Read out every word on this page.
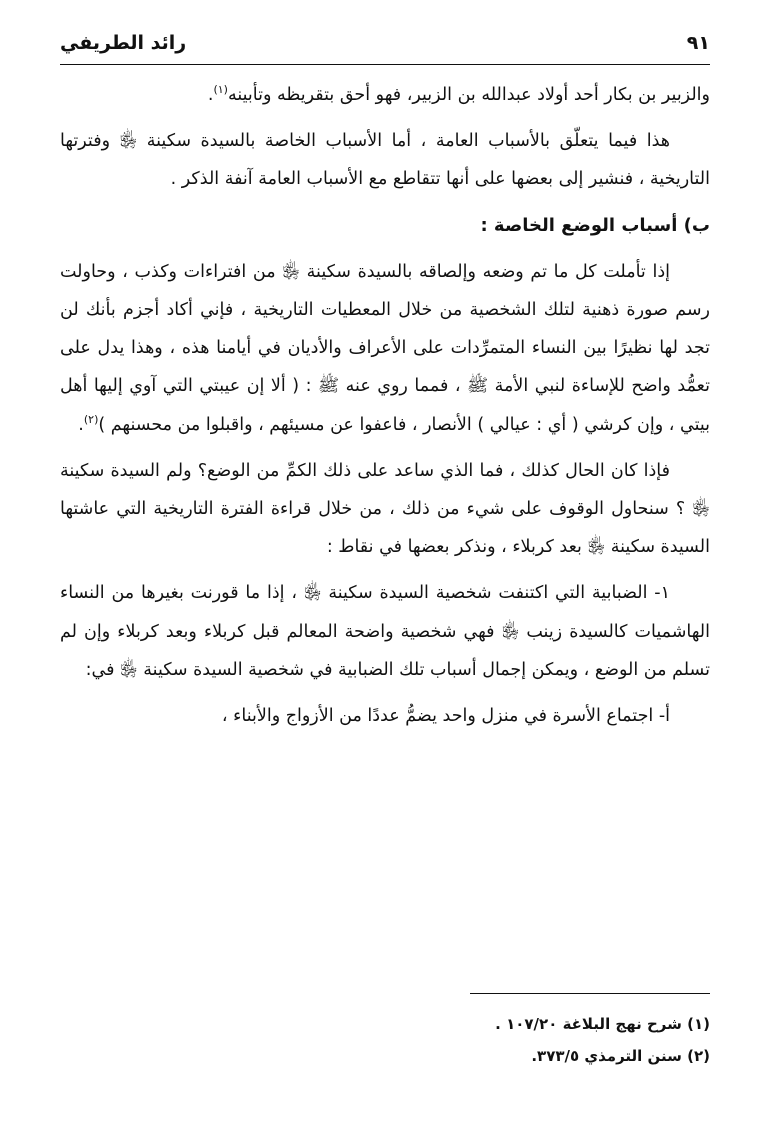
٩١
رائد الطريفي

والزبير بن بكار أحد أولاد عبدالله بن الزبير، فهو أحق بتقريظه وتأبينه$^{(١)}$.

هذا فيما يتعلّق بالأسباب العامة ، أما الأسباب الخاصة بالسيدة سكينة ﵂ وفترتها التاريخية ، فنشير إلى بعضها على أنها تتقاطع مع الأسباب العامة آنفة الذكر .

ب) أسباب الوضع الخاصة :

إذا تأملت كل ما تم وضعه وإلصاقه بالسيدة سكينة ﵂ من افتراءات وكذب ، وحاولت رسم صورة ذهنية لتلك الشخصية من خلال المعطيات التاريخية ، فإني أكاد أجزم بأنك لن تجد لها نظيرًا بين النساء المتمرِّدات على الأعراف والأديان في أيامنا هذه ، وهذا يدل على تعمُّد واضح للإساءة لنبي الأمة ﷺ ، فمما روي عنه ﷺ : ( ألا إن عيبتي التي آوي إليها أهل بيتي ، وإن كرشي ( أي : عيالي ) الأنصار ، فاعفوا عن مسيئهم ، واقبلوا من محسنهم )$^{(٢)}$.

فإذا كان الحال كذلك ، فما الذي ساعد على ذلك الكمِّ من الوضع؟ ولم السيدة سكينة ﵂ ؟ سنحاول الوقوف على شيء من ذلك ، من خلال قراءة الفترة التاريخية التي عاشتها السيدة سكينة ﵂ بعد كربلاء ، ونذكر بعضها في نقاط :

١- الضبابية التي اكتنفت شخصية السيدة سكينة ﵂ ، إذا ما قورنت بغيرها من النساء الهاشميات كالسيدة زينب ﵂ فهي شخصية واضحة المعالم قبل كربلاء وبعد كربلاء وإن لم تسلم من الوضع ، ويمكن إجمال أسباب تلك الضبابية في شخصية السيدة سكينة ﵂ في:

أ- اجتماع الأسرة في منزل واحد يضمُّ عددًا من الأزواج والأبناء ،

(١) شرح نهج البلاغة ١٠٧/٢٠ .

(٢) سنن الترمذي ٣٧٣/٥.
